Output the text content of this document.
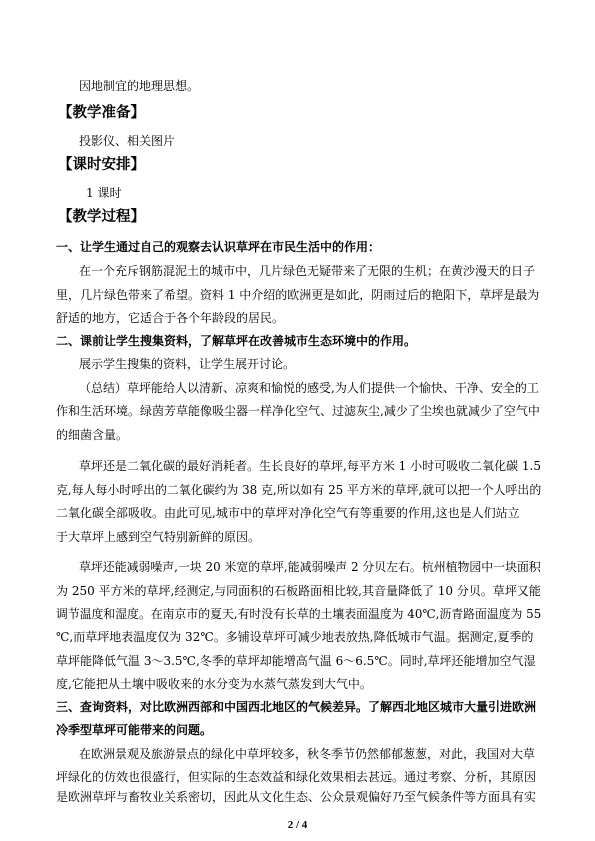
因地制宜的地理思想。
【教学准备】
投影仪、相关图片
【课时安排】
1 课时
【教学过程】
一、让学生通过自己的观察去认识草坪在市民生活中的作用：
在一个充斥钢筋混泥土的城市中，几片绿色无疑带来了无限的生机；在黄沙漫天的日子
里，几片绿色带来了希望。资料 1 中介绍的欧洲更是如此，阴雨过后的艳阳下，草坪是最为
舒适的地方，它适合于各个年龄段的居民。
二、课前让学生搜集资料，了解草坪在改善城市生态环境中的作用。
展示学生搜集的资料，让学生展开讨论。
（总结）草坪能给人以清新、凉爽和愉悦的感受,为人们提供一个愉快、干净、安全的工
作和生活环境。绿茵芳草能像吸尘器一样净化空气、过滤灰尘,减少了尘埃也就减少了空气中
的细菌含量。
草坪还是二氧化碳的最好消耗者。生长良好的草坪,每平方米 1 小时可吸收二氧化碳 1.5
克,每人每小时呼出的二氧化碳约为 38 克,所以如有 25 平方米的草坪,就可以把一个人呼出的
二氧化碳全部吸收。由此可见,城市中的草坪对净化空气有等重要的作用,这也是人们站立
于大草坪上感到空气特别新鲜的原因。
草坪还能减弱噪声,一块 20 米宽的草坪,能减弱噪声 2 分贝左右。杭州植物园中一块面积
为 250 平方米的草坪,经测定,与同面积的石板路面相比较,其音量降低了 10 分贝。草坪又能
调节温度和湿度。在南京市的夏天,有时没有长草的土壤表面温度为 40℃,沥青路面温度为 55
℃,而草坪地表温度仅为 32℃。多铺设草坪可减少地表放热,降低城市气温。据测定,夏季的
草坪能降低气温 3～3.5℃,冬季的草坪却能增高气温 6～6.5℃。同时,草坪还能增加空气湿
度,它能把从土壤中吸收来的水分变为水蒸气蒸发到大气中。
三、查询资料，对比欧洲西部和中国西北地区的气候差异。了解西北地区城市大量引进欧洲
冷季型草坪可能带来的问题。
在欧洲景观及旅游景点的绿化中草坪较多，秋冬季节仍然郁郁葱葱，对此，我国对大草
坪绿化的仿效也很盛行，但实际的生态效益和绿化效果相去甚远。通过考察、分析，其原因
是欧洲草坪与畜牧业关系密切，因此从文化生态、公众景观偏好乃至气候条件等方面具有实
2 / 4
